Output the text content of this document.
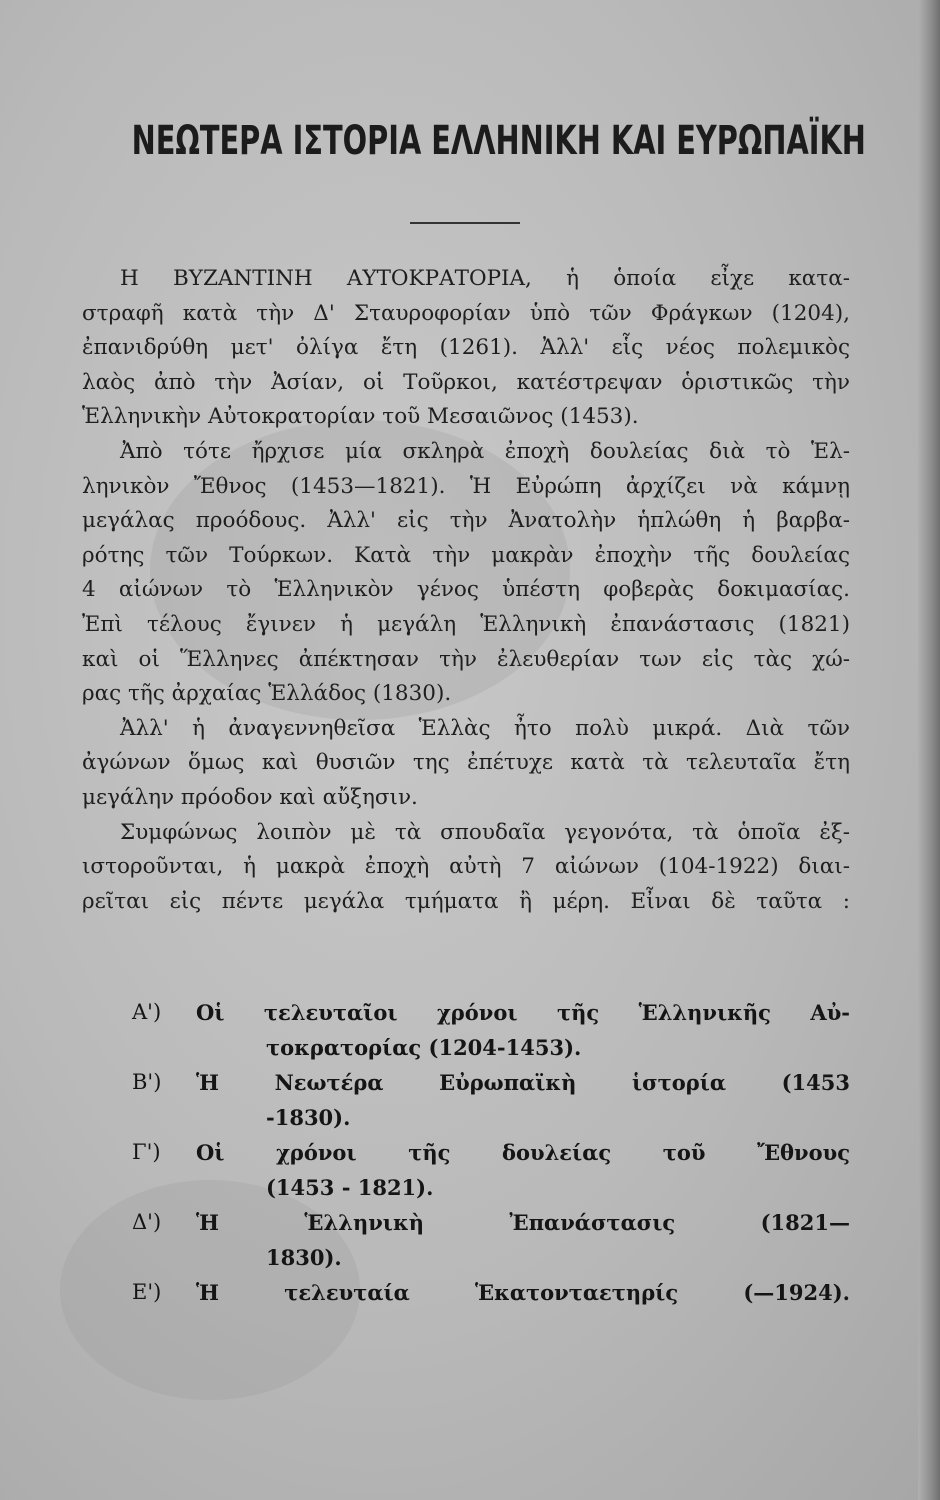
ΝΕΩΤΕΡΑ ΙΣΤΟΡΙΑ ΕΛΛΗΝΙΚΗ ΚΑΙ ΕΥΡΩΠΑΪΚΗ
Η ΒΥΖΑΝΤΙΝΗ ΑΥΤΟΚΡΑΤΟΡΙΑ, ἡ ὁποία εἶχε κατα-
στραφῆ κατὰ τὴν Δ' Σταυροφορίαν ὑπὸ τῶν Φράγκων (1204),
ἐπανιδρύθη μετ' ὀλίγα ἔτη (1261). Ἀλλ' εἷς νέος πολεμικὸς
λαὸς ἀπὸ τὴν Ἀσίαν, οἱ Τοῦρκοι, κατέστρεψαν ὁριστικῶς τὴν
Ἑλληνικὴν Αὐτοκρατορίαν τοῦ Μεσαιῶνος (1453).
Ἀπὸ τότε ἤρχισε μία σκληρὰ ἐποχὴ δουλείας διὰ τὸ Ἑλ-
ληνικὸν Ἔθνος (1453—1821). Ἡ Εὐρώπη ἀρχίζει νὰ κάμνῃ
μεγάλας προόδους. Ἀλλ' εἰς τὴν Ἀνατολὴν ἡπλώθη ἡ βαρβα-
ρότης τῶν Τούρκων. Κατὰ τὴν μακρὰν ἐποχὴν τῆς δουλείας
4 αἰώνων τὸ Ἑλληνικὸν γένος ὑπέστη φοβερὰς δοκιμασίας.
Ἐπὶ τέλους ἔγινεν ἡ μεγάλη Ἑλληνικὴ ἐπανάστασις (1821)
καὶ οἱ Ἕλληνες ἀπέκτησαν τὴν ἐλευθερίαν των εἰς τὰς χώ-
ρας τῆς ἀρχαίας Ἑλλάδος (1830).
Ἀλλ' ἡ ἀναγεννηθεῖσα Ἑλλὰς ἦτο πολὺ μικρά. Διὰ τῶν
ἀγώνων ὅμως καὶ θυσιῶν της ἐπέτυχε κατὰ τὰ τελευταῖα ἔτη
μεγάλην πρόοδον καὶ αὔξησιν.
Συμφώνως λοιπὸν μὲ τὰ σπουδαῖα γεγονότα, τὰ ὁποῖα ἐξ-
ιστοροῦνται, ἡ μακρὰ ἐποχὴ αὐτὴ 7 αἰώνων (104-1922) διαι-
ρεῖται εἰς πέντε μεγάλα τμήματα ἢ μέρη. Εἶναι δὲ ταῦτα :
Α') Οἱ τελευταῖοι χρόνοι τῆς Ἑλληνικῆς Αὐ-
τοκρατορίας (1204-1453).
Β') Ἡ Νεωτέρα Εὐρωπαϊκὴ ἱστορία (1453
-1830).
Γ') Οἱ χρόνοι τῆς δουλείας τοῦ Ἔθνους
(1453 - 1821).
Δ') Ἡ Ἑλληνικὴ Ἐπανάστασις (1821—
1830).
Ε') Ἡ τελευταία Ἑκατονταετηρίς (—1924).
